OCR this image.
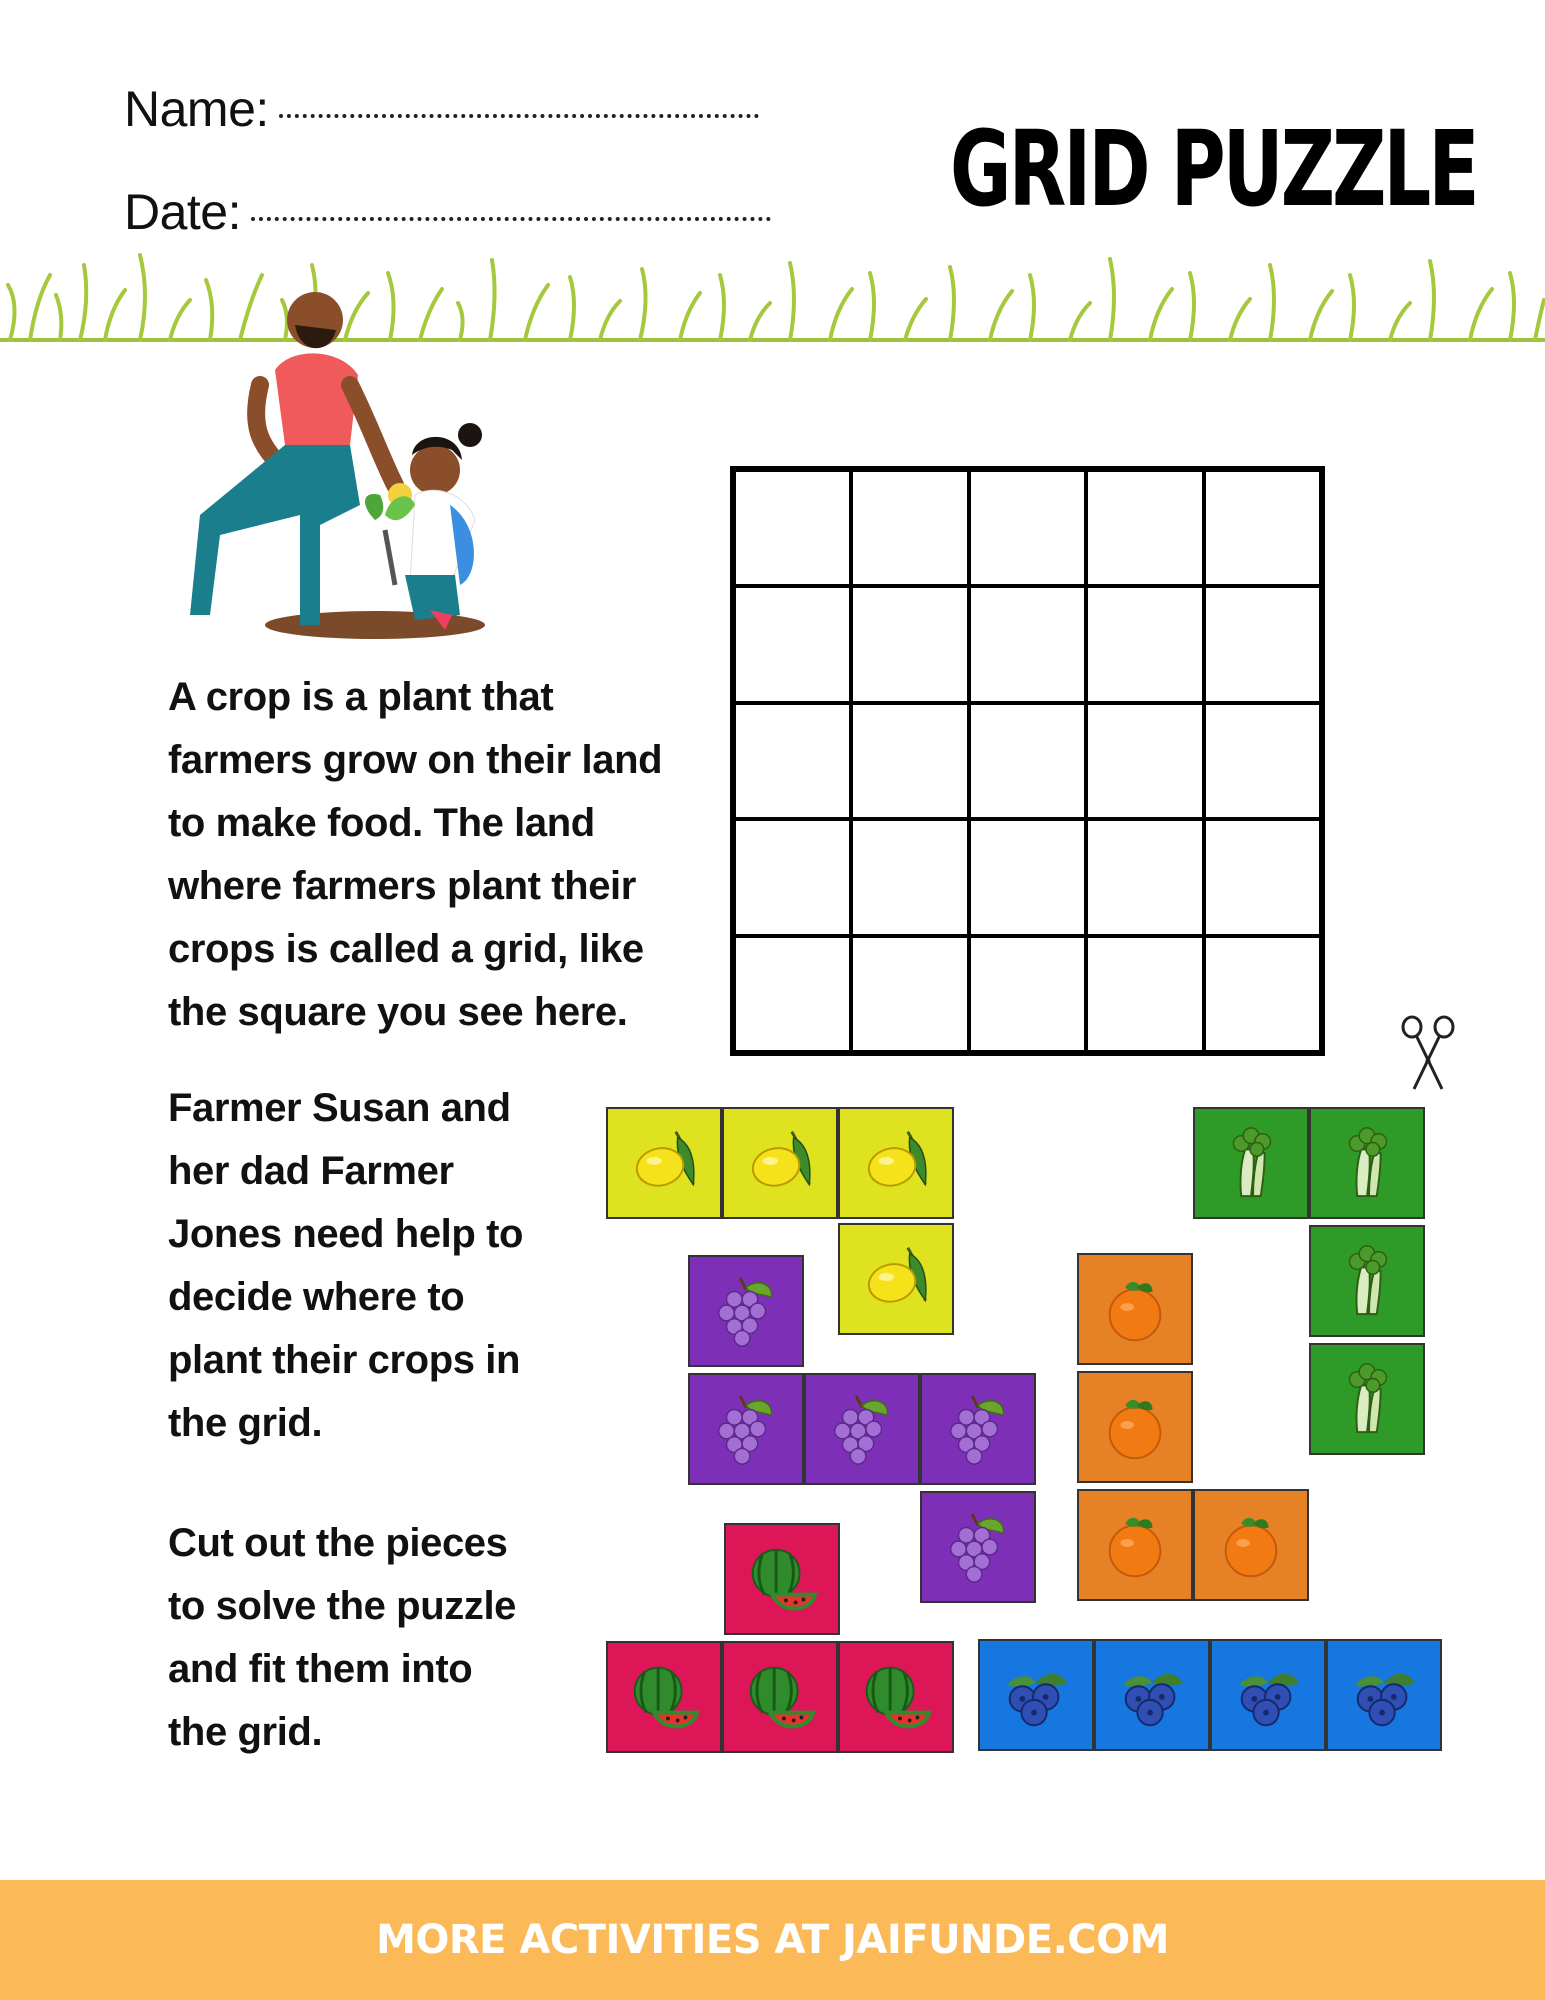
Name:
Date:	GRID PUZZLE
A crop is a plant that
farmers grow on their land
to make food. The land
where farmers plant their
crops is called a grid, like
the square you see here.
Farmer Susan and
her dad Farmer
Jones need help to
decide where to
plant their crops in
the grid.
Cut out the pieces
to solve the puzzle
and fit them into
the grid.
MORE ACTIVITIES AT JAIFUNDE.COM
